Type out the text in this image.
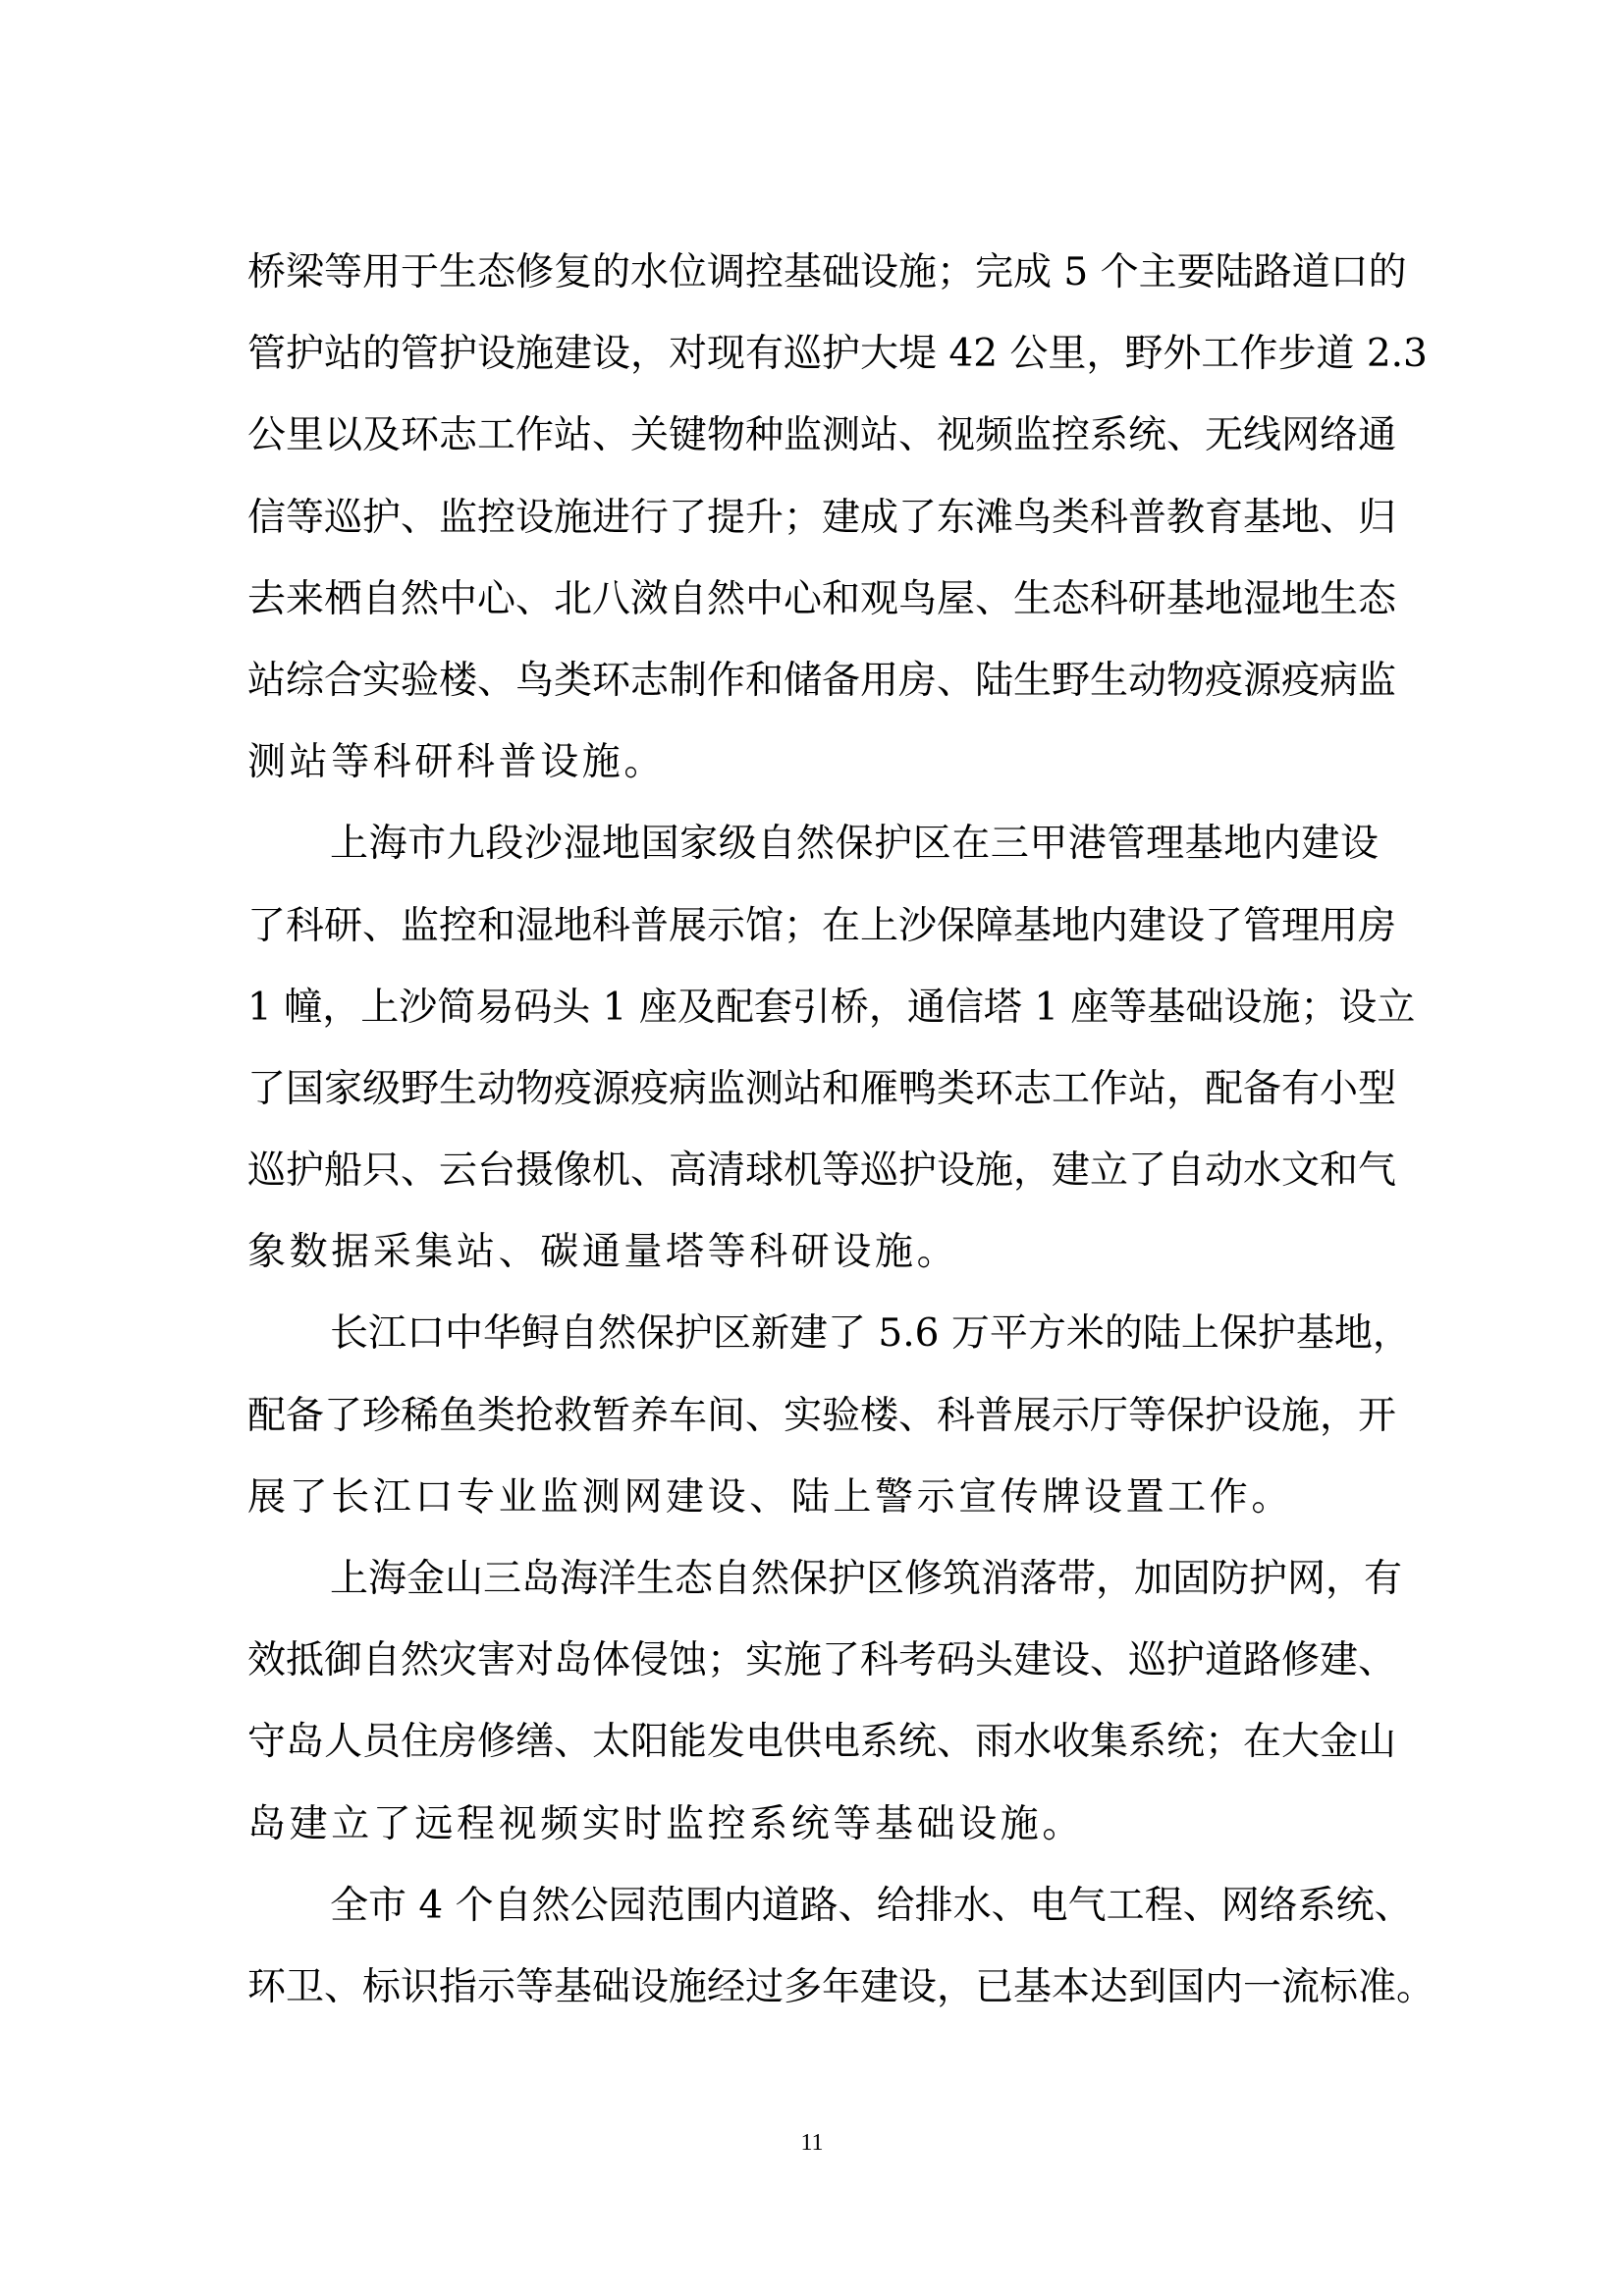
桥梁等用于生态修复的水位调控基础设施；完成 5 个主要陆路道口的
管护站的管护设施建设，对现有巡护大堤 42 公里，野外工作步道 2.3
公里以及环志工作站、关键物种监测站、视频监控系统、无线网络通
信等巡护、监控设施进行了提升；建成了东滩鸟类科普教育基地、归
去来栖自然中心、北八滧自然中心和观鸟屋、生态科研基地湿地生态
站综合实验楼、鸟类环志制作和储备用房、陆生野生动物疫源疫病监
测站等科研科普设施。
上海市九段沙湿地国家级自然保护区在三甲港管理基地内建设
了科研、监控和湿地科普展示馆；在上沙保障基地内建设了管理用房
1 幢，上沙简易码头 1 座及配套引桥，通信塔 1 座等基础设施；设立
了国家级野生动物疫源疫病监测站和雁鸭类环志工作站，配备有小型
巡护船只、云台摄像机、高清球机等巡护设施，建立了自动水文和气
象数据采集站、碳通量塔等科研设施。
长江口中华鲟自然保护区新建了 5.6 万平方米的陆上保护基地，
配备了珍稀鱼类抢救暂养车间、实验楼、科普展示厅等保护设施，开
展了长江口专业监测网建设、陆上警示宣传牌设置工作。
上海金山三岛海洋生态自然保护区修筑消落带，加固防护网，有
效抵御自然灾害对岛体侵蚀；实施了科考码头建设、巡护道路修建、
守岛人员住房修缮、太阳能发电供电系统、雨水收集系统；在大金山
岛建立了远程视频实时监控系统等基础设施。
全市 4 个自然公园范围内道路、给排水、电气工程、网络系统、
环卫、标识指示等基础设施经过多年建设，已基本达到国内一流标准。
11
